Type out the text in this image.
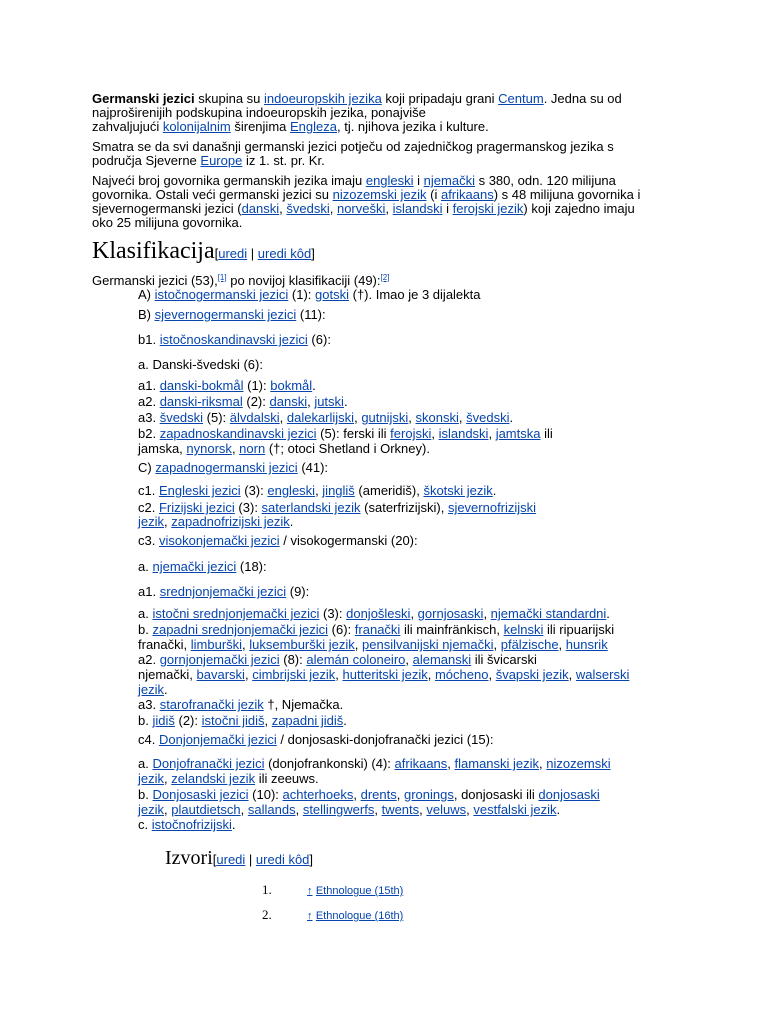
Germanski jezici skupina su indoeuropskih jezika koji pripadaju grani Centum. Jedna su od
najproširenijih podskupina indoeuropskih jezika, ponajviše
zahvaljujući kolonijalnim širenjima Engleza, tj. njihova jezika i kulture.

Smatra se da svi današnji germanski jezici potječu od zajedničkog pragermanskog jezika s
područja Sjeverne Europe iz 1. st. pr. Kr.

Najveći broj govornika germanskih jezika imaju engleski i njemački s 380, odn. 120 milijuna
govornika. Ostali veći germanski jezici su nizozemski jezik (i afrikaans) s 48 milijuna govornika i
sjevernogermanski jezici (danski, švedski, norveški, islandski i ferojski jezik) koji zajedno imaju
oko 25 milijuna govornika.

Klasifikacija[uredi | uredi kôd]
Germanski jezici (53),[1] po novijoj klasifikaciji (49):[2]
A) istočnogermanski jezici (1): gotski (†). Imao je 3 dijalekta
B) sjevernogermanski jezici (11):
b1. istočnoskandinavski jezici (6):
a. Danski-švedski (6):
a1. danski-bokmål (1): bokmål.
a2. danski-riksmal (2): danski, jutski.
a3. švedski (5): älvdalski, dalekarlijski, gutnijski, skonski, švedski.
b2. zapadnoskandinavski jezici (5): ferski ili ferojski, islandski, jamtska ili
jamska, nynorsk, norn (†; otoci Shetland i Orkney).
C) zapadnogermanski jezici (41):
c1. Engleski jezici (3): engleski, jingliš (ameridiš), škotski jezik.
c2. Frizijski jezici (3): saterlandski jezik (saterfrizijski), sjevernofrizijski
jezik, zapadnofrizijski jezik.
c3. visokonjemački jezici / visokogermanski (20):
a. njemački jezici (18):
a1. srednjonjemački jezici (9):
a. istočni srednjonjemački jezici (3): donjošleski, gornjosaski, njemački standardni.
b. zapadni srednjonjemački jezici (6): franački ili mainfränkisch, kelnski ili ripuarijski
franački, limburški, luksemburški jezik, pensilvanijski njemački, pfälzische, hunsrik
a2. gornjonjemački jezici (8): alemán coloneiro, alemanski ili švicarski
njemački, bavarski, cimbrijski jezik, hutteritski jezik, mócheno, švapski jezik, walserski
jezik.
a3. starofranački jezik †, Njemačka.
b. jidiš (2): istočni jidiš, zapadni jidiš.
c4. Donjonjemački jezici / donjosaski-donjofranački jezici (15):
a. Donjofranački jezici (donjofrankonski) (4): afrikaans, flamanski jezik, nizozemski
jezik, zelandski jezik ili zeeuws.
b. Donjosaski jezici (10): achterhoeks, drents, gronings, donjosaski ili donjosaski
jezik, plautdietsch, sallands, stellingwerfs, twents, veluws, vestfalski jezik.
c. istočnofrizijski.
Izvori[uredi | uredi kôd]
1.	↑ Ethnologue (15th)
2.	↑ Ethnologue (16th)
